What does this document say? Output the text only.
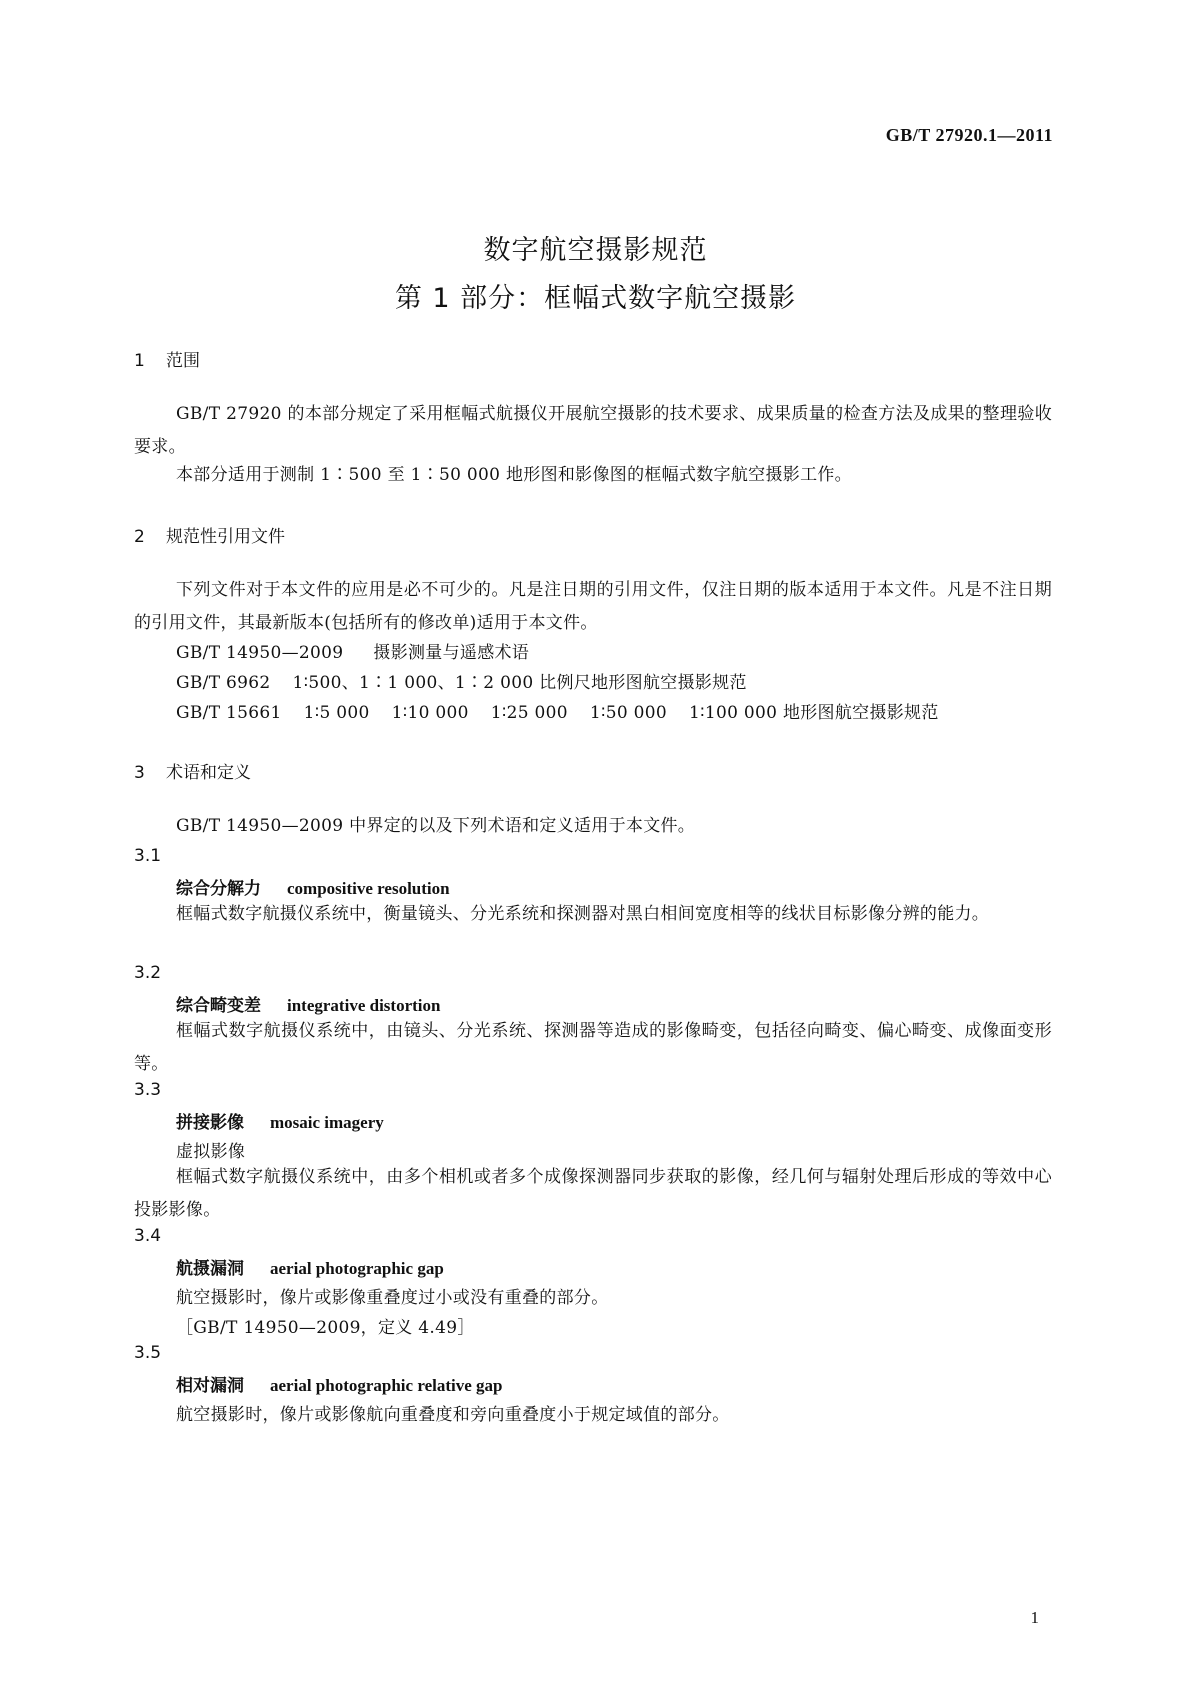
GB/T 27920.1—2011
数字航空摄影规范
第 1 部分：框幅式数字航空摄影
1 范围
GB/T 27920 的本部分规定了采用框幅式航摄仪开展航空摄影的技术要求、成果质量的检查方法及成果的整理验收要求。
本部分适用于测制 1∶500 至 1∶50 000 地形图和影像图的框幅式数字航空摄影工作。
2 规范性引用文件
下列文件对于本文件的应用是必不可少的。凡是注日期的引用文件，仅注日期的版本适用于本文件。凡是不注日期的引用文件，其最新版本(包括所有的修改单)适用于本文件。
GB/T 14950—2009 摄影测量与遥感术语
GB/T 6962 1∶500、1∶1 000、1∶2 000 比例尺地形图航空摄影规范
GB/T 15661 1∶5 000 1∶10 000 1∶25 000 1∶50 000 1∶100 000 地形图航空摄影规范
3 术语和定义
GB/T 14950—2009 中界定的以及下列术语和定义适用于本文件。
3.1
综合分解力 compositive resolution
框幅式数字航摄仪系统中，衡量镜头、分光系统和探测器对黑白相间宽度相等的线状目标影像分辨的能力。
3.2
综合畸变差 integrative distortion
框幅式数字航摄仪系统中，由镜头、分光系统、探测器等造成的影像畸变，包括径向畸变、偏心畸变、成像面变形等。
3.3
拼接影像 mosaic imagery
虚拟影像
框幅式数字航摄仪系统中，由多个相机或者多个成像探测器同步获取的影像，经几何与辐射处理后形成的等效中心投影影像。
3.4
航摄漏洞 aerial photographic gap
航空摄影时，像片或影像重叠度过小或没有重叠的部分。
［GB/T 14950—2009，定义 4.49］
3.5
相对漏洞 aerial photographic relative gap
航空摄影时，像片或影像航向重叠度和旁向重叠度小于规定域值的部分。
1
